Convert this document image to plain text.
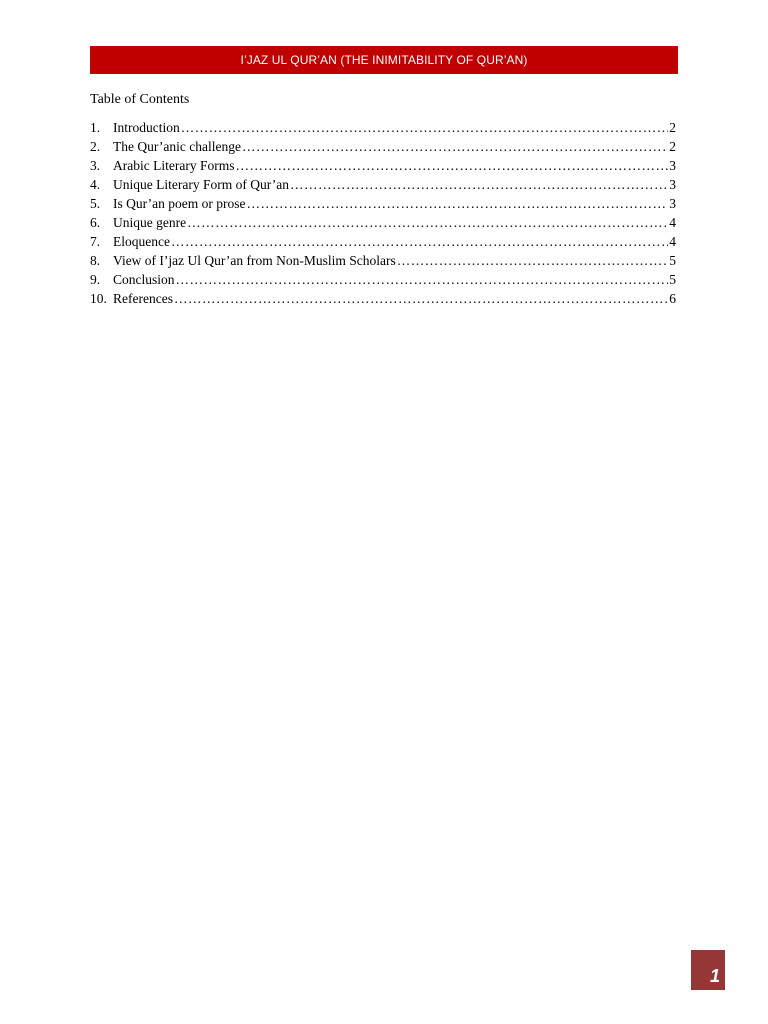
I’JAZ UL QUR’AN (THE INIMITABILITY OF QUR’AN)
Table of Contents
1. Introduction …………………………………………………………………………………………………………………………………………………………………………	2
2. The Qur’anic challenge …………………………………………………………………………………………………………………………………………………………………………	2
3. Arabic Literary Forms …………………………………………………………………………………………………………………………………………………………………………	3
4. Unique Literary Form of Qur’an …………………………………………………………………………………………………………………………………………………………………………	3
5. Is Qur’an poem or prose …………………………………………………………………………………………………………………………………………………………………………	3
6. Unique genre …………………………………………………………………………………………………………………………………………………………………………	4
7. Eloquence …………………………………………………………………………………………………………………………………………………………………………	4
8. View of I’jaz Ul Qur’an from Non-Muslim Scholars …………………………………………………………………………………………………………………………………………………………………………	5
9. Conclusion …………………………………………………………………………………………………………………………………………………………………………	5
10. References …………………………………………………………………………………………………………………………………………………………………………	6
1
